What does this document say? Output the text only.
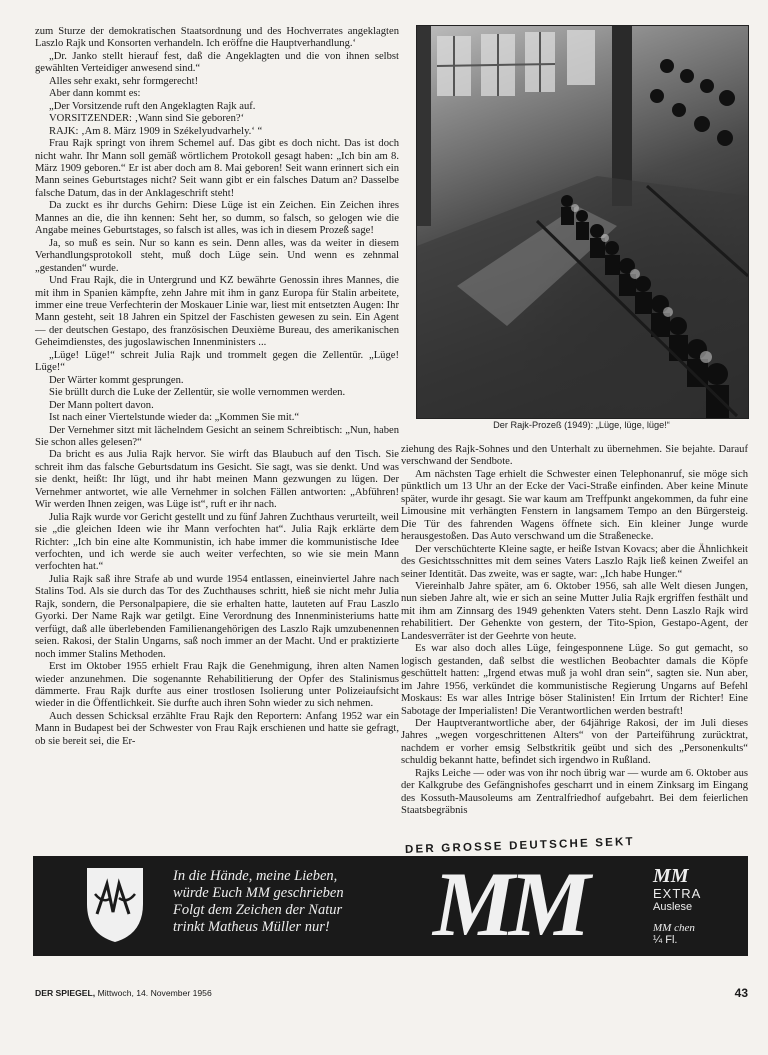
zum Sturze der demokratischen Staatsordnung und des Hochverrates angeklagten Laszlo Rajk und Konsorten verhandeln. Ich eröffne die Hauptverhandlung.‘

„Dr. Janko stellt hierauf fest, daß die Angeklagten und die von ihnen selbst gewählten Verteidiger anwesend sind.“

Alles sehr exakt, sehr formgerecht!

Aber dann kommt es:

„Der Vorsitzende ruft den Angeklagten Rajk auf.

VORSITZENDER: ‚Wann sind Sie geboren?‘

RAJK: ‚Am 8. März 1909 in Székelyudvarhely.‘ “

Frau Rajk springt von ihrem Schemel auf. Das gibt es doch nicht. Das ist doch nicht wahr. Ihr Mann soll gemäß wörtlichem Protokoll gesagt haben: „Ich bin am 8. März 1909 geboren.“ Er ist aber doch am 8. Mai geboren! Seit wann erinnert sich ein Mann seines Geburtstages nicht? Seit wann gibt er ein falsches Datum an? Dasselbe falsche Datum, das in der Anklageschrift steht!

Da zuckt es ihr durchs Gehirn: Diese Lüge ist ein Zeichen. Ein Zeichen ihres Mannes an die, die ihn kennen: Seht her, so dumm, so falsch, so gelogen wie die Angabe meines Geburtstages, so falsch ist alles, was ich in diesem Prozeß sage!

Ja, so muß es sein. Nur so kann es sein. Denn alles, was da weiter in diesem Verhandlungsprotokoll steht, muß doch Lüge sein. Und wenn es zehnmal „gestanden“ wurde.

Und Frau Rajk, die in Untergrund und KZ bewährte Genossin ihres Mannes, die mit ihm in Spanien kämpfte, zehn Jahre mit ihm in ganz Europa für Stalin arbeitete, immer eine treue Verfechterin der Moskauer Linie war, liest mit entsetzten Augen: Ihr Mann gesteht, seit 18 Jahren ein Spitzel der Faschisten gewesen zu sein. Ein Agent — der deutschen Gestapo, des französischen Deuxième Bureau, des amerikanischen Geheimdienstes, des jugoslawischen Innenministers ...

„Lüge! Lüge!“ schreit Julia Rajk und trommelt gegen die Zellentür. „Lüge! Lüge!“

Der Wärter kommt gesprungen.

Sie brüllt durch die Luke der Zellentür, sie wolle vernommen werden.

Der Mann poltert davon.

Ist nach einer Viertelstunde wieder da: „Kommen Sie mit.“

Der Vernehmer sitzt mit lächelndem Gesicht an seinem Schreibtisch: „Nun, haben Sie schon alles gelesen?“

Da bricht es aus Julia Rajk hervor. Sie wirft das Blaubuch auf den Tisch. Sie schreit ihm das falsche Geburtsdatum ins Gesicht. Sie sagt, was sie denkt. Und was sie denkt, heißt: Ihr lügt, und ihr habt meinen Mann gezwungen zu lügen. Der Vernehmer antwortet, wie alle Vernehmer in solchen Fällen antworten: „Abführen! Wir werden Ihnen zeigen, was Lüge ist“, ruft er ihr nach.

Julia Rajk wurde vor Gericht gestellt und zu fünf Jahren Zuchthaus verurteilt, weil sie „die gleichen Ideen wie ihr Mann verfochten hat“. Julia Rajk erklärte dem Richter: „Ich bin eine alte Kommunistin, ich habe immer die kommunistische Idee verfochten, und ich werde sie auch weiter verfechten, so wie sie mein Mann verfochten hat.“

Julia Rajk saß ihre Strafe ab und wurde 1954 entlassen, eineinviertel Jahre nach Stalins Tod. Als sie durch das Tor des Zuchthauses schritt, hieß sie nicht mehr Julia Rajk, sondern, die Personalpapiere, die sie erhalten hatte, lauteten auf Frau Laszlo Gyorki. Der Name Rajk war getilgt. Eine Verordnung des Innenministeriums hatte verfügt, daß alle überlebenden Familienangehörigen des Laszlo Rajk umzubenennen seien. Rakosi, der Stalin Ungarns, saß noch immer an der Macht. Und er praktizierte noch immer Stalins Methoden.

Erst im Oktober 1955 erhielt Frau Rajk die Genehmigung, ihren alten Namen wieder anzunehmen. Die sogenannte Rehabilitierung der Opfer des Stalinismus dämmerte. Frau Rajk durfte aus einer trostlosen Isolierung unter Polizeiaufsicht wieder in die Öffentlichkeit. Sie durfte auch ihren Sohn wieder zu sich nehmen.

Auch dessen Schicksal erzählte Frau Rajk den Reportern: Anfang 1952 war ein Mann in Budapest bei der Schwester von Frau Rajk erschienen und hatte sie gefragt, ob sie bereit sei, die Er-

Der Rajk-Prozeß (1949): „Lüge, lüge, lüge!“

ziehung des Rajk-Sohnes und den Unterhalt zu übernehmen. Sie bejahte. Darauf verschwand der Sendbote.

Am nächsten Tage erhielt die Schwester einen Telephonanruf, sie möge sich pünktlich um 13 Uhr an der Ecke der Vaci-Straße einfinden. Aber keine Minute später, wurde ihr gesagt. Sie war kaum am Treffpunkt angekommen, da fuhr eine Limousine mit verhängten Fenstern in langsamem Tempo an den Bürgersteig. Die Tür des fahrenden Wagens öffnete sich. Ein kleiner Junge wurde herausgestoßen. Das Auto verschwand um die Straßenecke.

Der verschüchterte Kleine sagte, er heiße Istvan Kovacs; aber die Ähnlichkeit des Gesichtsschnittes mit dem seines Vaters Laszlo Rajk ließ keinen Zweifel an seiner Identität. Das zweite, was er sagte, war: „Ich habe Hunger.“

Viereinhalb Jahre später, am 6. Oktober 1956, sah alle Welt diesen Jungen, nun sieben Jahre alt, wie er sich an seine Mutter Julia Rajk ergriffen festhält und mit ihm am Zinnsarg des 1949 gehenkten Vaters steht. Denn Laszlo Rajk wird rehabilitiert. Der Gehenkte von gestern, der Tito-Spion, Gestapo-Agent, der Landesverräter ist der Geehrte von heute.

Es war also doch alles Lüge, feingesponnene Lüge. So gut gemacht, so logisch gestanden, daß selbst die westlichen Beobachter damals die Köpfe geschüttelt hatten: „Irgend etwas muß ja wohl dran sein“, sagten sie. Nun aber, im Jahre 1956, verkündet die kommunistische Regierung Ungarns auf Befehl Moskaus: Es war alles Intrige böser Stalinisten! Ein Irrtum der Richter! Eine Sabotage der Imperialisten! Die Verantwortlichen werden bestraft!

Der Hauptverantwortliche aber, der 64jährige Rakosi, der im Juli dieses Jahres „wegen vorgeschrittenen Alters“ von der Parteiführung zurücktrat, nachdem er vorher emsig Selbstkritik geübt und sich des „Personenkults“ schuldig bekannt hatte, befindet sich irgendwo in Rußland.

Rajks Leiche — oder was von ihr noch übrig war — wurde am 6. Oktober aus der Kalkgrube des Gefängnishofes gescharrt und in einem Zinksarg im Eingang des Kossuth-Mausoleums am Zentralfriedhof aufgebahrt. Bei dem feierlichen Staatsbegräbnis

DER GROSSE DEUTSCHE SEKT
In die Hände, meine Lieben,
würde Euch MM geschrieben
Folgt dem Zeichen der Natur
trinkt Matheus Müller nur!	MM	MM
EXTRA
Auslese
MM chen
¼ Fl.
DER SPIEGEL, Mittwoch, 14. November 1956	43
